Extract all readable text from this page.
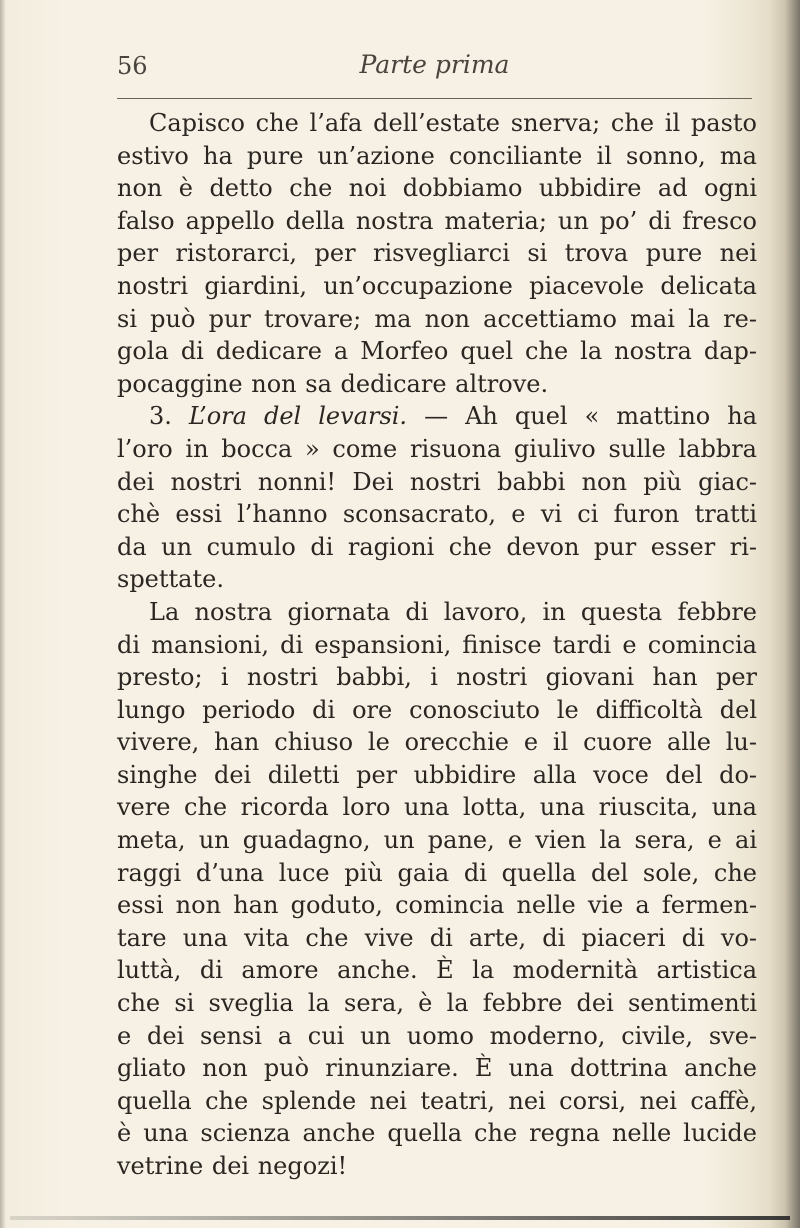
56	Parte prima
Capisco che l’afa dell’estate snerva; che il pasto
estivo ha pure un’azione conciliante il sonno, ma
non è detto che noi dobbiamo ubbidire ad ogni
falso appello della nostra materia; un po’ di fresco
per ristorarci, per risvegliarci si trova pure nei
nostri giardini, un’occupazione piacevole delicata
si può pur trovare; ma non accettiamo mai la re-
gola di dedicare a Morfeo quel che la nostra dap-
pocaggine non sa dedicare altrove.
3. L’ora del levarsi. — Ah quel « mattino ha
l’oro in bocca » come risuona giulivo sulle labbra
dei nostri nonni! Dei nostri babbi non più giac-
chè essi l’hanno sconsacrato, e vi ci furon tratti
da un cumulo di ragioni che devon pur esser ri-
spettate.
La nostra giornata di lavoro, in questa febbre
di mansioni, di espansioni, finisce tardi e comincia
presto; i nostri babbi, i nostri giovani han per
lungo periodo di ore conosciuto le difficoltà del
vivere, han chiuso le orecchie e il cuore alle lu-
singhe dei diletti per ubbidire alla voce del do-
vere che ricorda loro una lotta, una riuscita, una
meta, un guadagno, un pane, e vien la sera, e ai
raggi d’una luce più gaia di quella del sole, che
essi non han goduto, comincia nelle vie a fermen-
tare una vita che vive di arte, di piaceri di vo-
luttà, di amore anche. È la modernità artistica
che si sveglia la sera, è la febbre dei sentimenti
e dei sensi a cui un uomo moderno, civile, sve-
gliato non può rinunziare. È una dottrina anche
quella che splende nei teatri, nei corsi, nei caffè,
è una scienza anche quella che regna nelle lucide
vetrine dei negozi!
